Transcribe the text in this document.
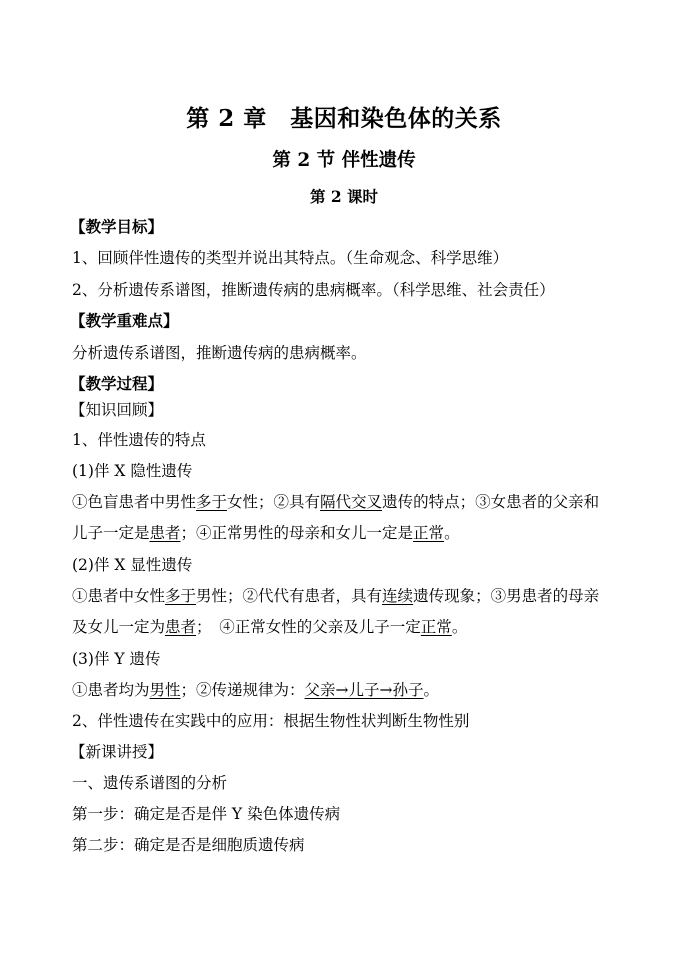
第 2 章　基因和染色体的关系
第 2 节 伴性遗传
第 2 课时
【教学目标】
1、回顾伴性遗传的类型并说出其特点。（生命观念、科学思维）
2、分析遗传系谱图，推断遗传病的患病概率。（科学思维、社会责任）
【教学重难点】
分析遗传系谱图，推断遗传病的患病概率。
【教学过程】
【知识回顾】
1、伴性遗传的特点
(1)伴 X 隐性遗传
①色盲患者中男性多于女性；②具有隔代交叉遗传的特点；③女患者的父亲和
儿子一定是患者；④正常男性的母亲和女儿一定是正常。
(2)伴 X 显性遗传
①患者中女性多于男性；②代代有患者，具有连续遗传现象；③男患者的母亲
及女儿一定为患者；　④正常女性的父亲及儿子一定正常。
(3)伴 Y 遗传
①患者均为男性；②传递规律为：父亲→儿子→孙子。
2、伴性遗传在实践中的应用：根据生物性状判断生物性别
【新课讲授】
一、遗传系谱图的分析
第一步：确定是否是伴 Y 染色体遗传病
第二步：确定是否是细胞质遗传病
